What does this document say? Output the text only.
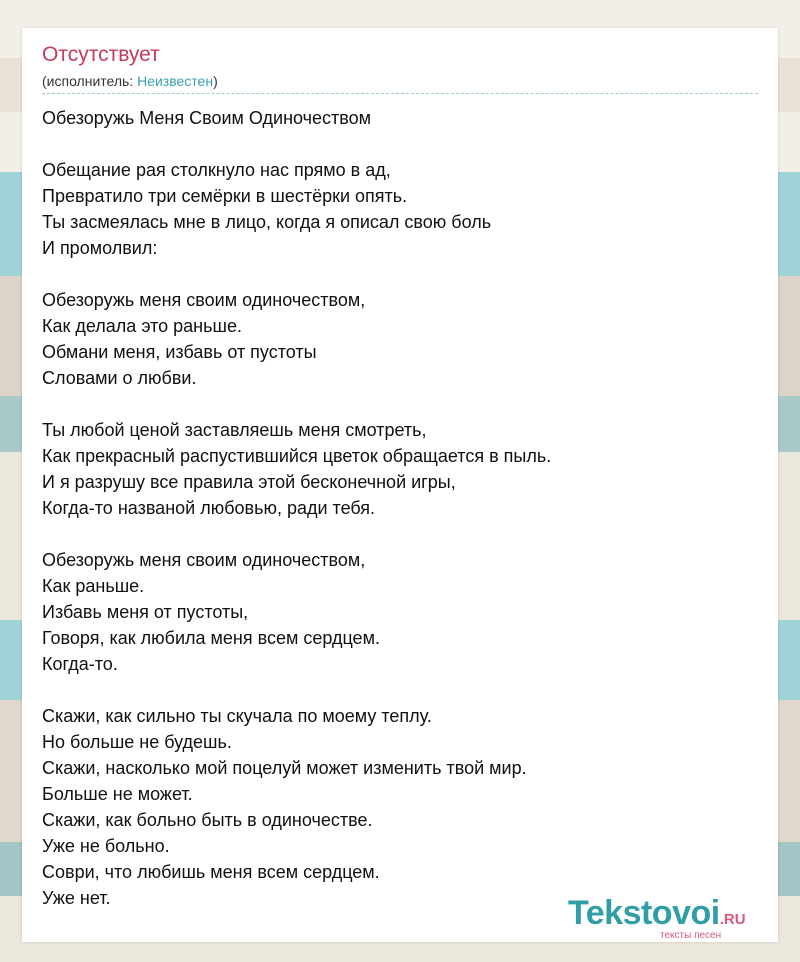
Отсутствует
(исполнитель: Неизвестен)
Обезоружь Меня Своим Одиночеством
Обещание рая столкнуло нас прямо в ад,
Превратило три семёрки в шестёрки опять.
Ты засмеялась мне в лицо, когда я описал свою боль
И промолвил:
Обезоружь меня своим одиночеством,
Как делала это раньше.
Обмани меня, избавь от пустоты
Словами о любви.
Ты любой ценой заставляешь меня смотреть,
Как прекрасный распустившийся цветок обращается в пыль.
И я разрушу все правила этой бесконечной игры,
Когда-то названой любовью, ради тебя.
Обезоружь меня своим одиночеством,
Как раньше.
Избавь меня от пустоты,
Говоря, как любила меня всем сердцем.
Когда-то.
Скажи, как сильно ты скучала по моему теплу.
Но больше не будешь.
Скажи, насколько мой поцелуй может изменить твой мир.
Больше не может.
Скажи, как больно быть в одиночестве.
Уже не больно.
Соври, что любишь меня всем сердцем.
Уже нет.	Tekstovoi.RU
тексты песен
